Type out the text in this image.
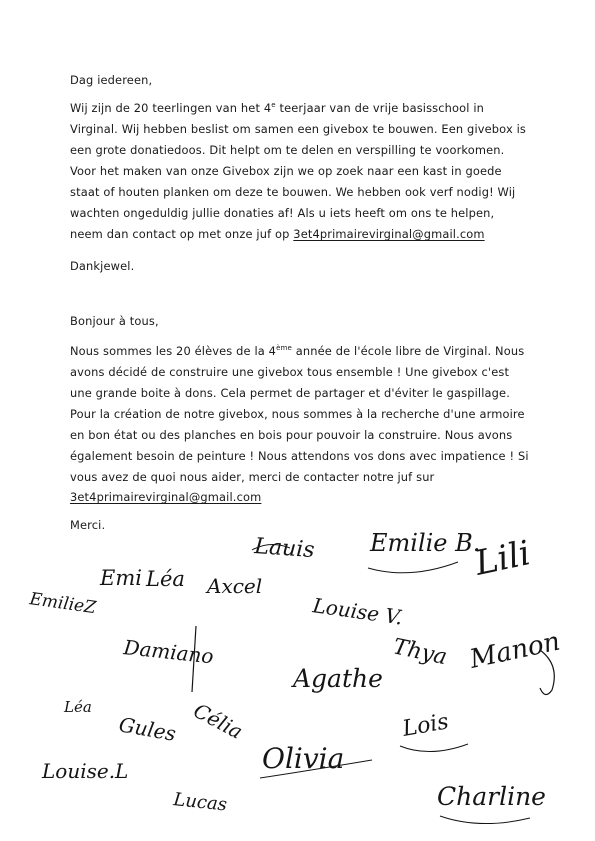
Dag iedereen,
Wij zijn de 20 teerlingen van het 4e teerjaar van de vrije basisschool in
Virginal. Wij hebben beslist om samen een givebox te bouwen. Een givebox is
een grote donatiedoos. Dit helpt om te delen en verspilling te voorkomen.
Voor het maken van onze Givebox zijn we op zoek naar een kast in goede
staat of houten planken om deze te bouwen. We hebben ook verf nodig! Wij
wachten ongeduldig jullie donaties af! Als u iets heeft om ons te helpen,
neem dan contact op met onze juf op 3et4primairevirginal@gmail.com
Dankjewel.
Bonjour à tous,
Nous sommes les 20 élèves de la 4ème année de l'école libre de Virginal. Nous
avons décidé de construire une givebox tous ensemble ! Une givebox c'est
une grande boite à dons. Cela permet de partager et d'éviter le gaspillage.
Pour la création de notre givebox, nous sommes à la recherche d'une armoire
en bon état ou des planches en bois pour pouvoir la construire. Nous avons
également besoin de peinture ! Nous attendons vos dons avec impatience ! Si
vous avez de quoi nous aider, merci de contacter notre juf sur
3et4primairevirginal@gmail.com
Merci.
Lauis Emilie B.
Lili
Emi Léa Axcel
Louise V.
EmilieZ
Damiano	Thya Manon
Agathe
Léa
Lois
Gules Célia
Olivia
Louise.L
Lucas	Charline
